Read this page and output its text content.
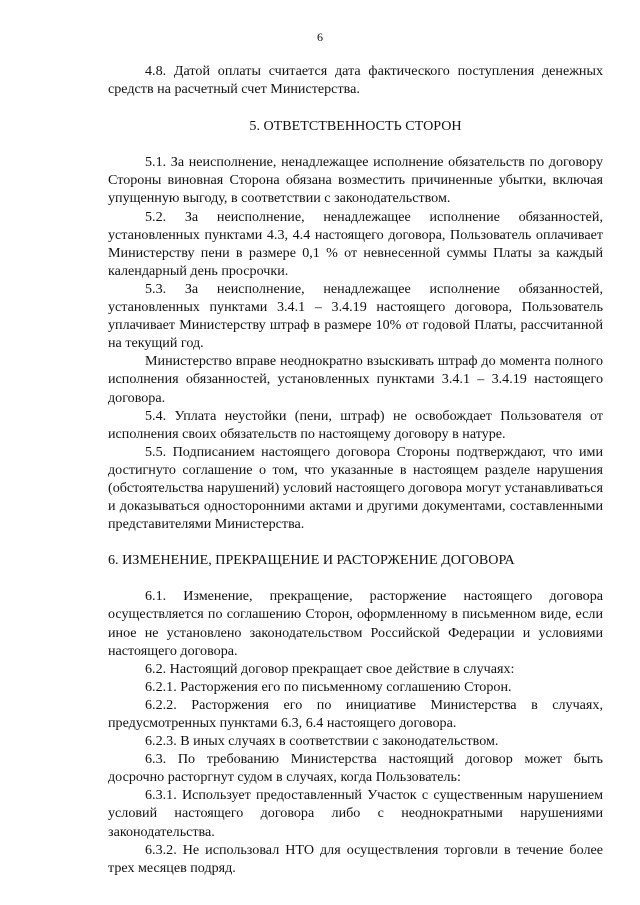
6

4.8. Датой оплаты считается дата фактического поступления денежных средств на расчетный счет Министерства.

5. ОТВЕТСТВЕННОСТЬ СТОРОН

5.1. За неисполнение, ненадлежащее исполнение обязательств по договору Стороны виновная Сторона обязана возместить причиненные убытки, включая упущенную выгоду, в соответствии с законодательством.

5.2. За неисполнение, ненадлежащее исполнение обязанностей, установленных пунктами 4.3, 4.4 настоящего договора, Пользователь оплачивает Министерству пени в размере 0,1 % от невнесенной суммы Платы за каждый календарный день просрочки.

5.3. За неисполнение, ненадлежащее исполнение обязанностей, установленных пунктами 3.4.1 – 3.4.19 настоящего договора, Пользователь уплачивает Министерству штраф в размере 10% от годовой Платы, рассчитанной на текущий год.

Министерство вправе неоднократно взыскивать штраф до момента полного исполнения обязанностей, установленных пунктами 3.4.1 – 3.4.19 настоящего договора.

5.4. Уплата неустойки (пени, штраф) не освобождает Пользователя от исполнения своих обязательств по настоящему договору в натуре.

5.5. Подписанием настоящего договора Стороны подтверждают, что ими достигнуто соглашение о том, что указанные в настоящем разделе нарушения (обстоятельства нарушений) условий настоящего договора могут устанавливаться и доказываться односторонними актами и другими документами, составленными представителями Министерства.

6. ИЗМЕНЕНИЕ, ПРЕКРАЩЕНИЕ И РАСТОРЖЕНИЕ ДОГОВОРА

6.1. Изменение, прекращение, расторжение настоящего договора осуществляется по соглашению Сторон, оформленному в письменном виде, если иное не установлено законодательством Российской Федерации и условиями настоящего договора.

6.2. Настоящий договор прекращает свое действие в случаях:

6.2.1. Расторжения его по письменному соглашению Сторон.

6.2.2. Расторжения его по инициативе Министерства в случаях, предусмотренных пунктами 6.3, 6.4 настоящего договора.

6.2.3. В иных случаях в соответствии с законодательством.

6.3. По требованию Министерства настоящий договор может быть досрочно расторгнут судом в случаях, когда Пользователь:

6.3.1. Использует предоставленный Участок с существенным нарушением условий настоящего договора либо с неоднократными нарушениями законодательства.

6.3.2. Не использовал НТО для осуществления торговли в течение более трех месяцев подряд.
